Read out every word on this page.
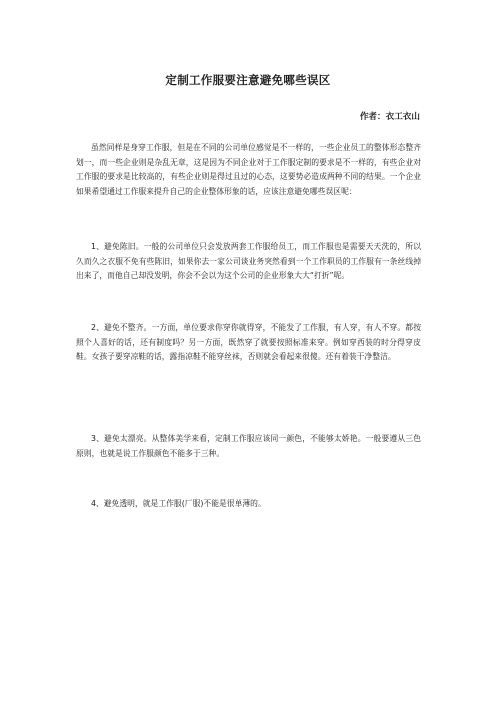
定制工作服要注意避免哪些误区
作者：衣工衣山

虽然同样是身穿工作服，但是在不同的公司单位感觉是不一样的，一些企业员工的整体形态整齐划一，而一些企业则是杂乱无章，这是因为不同企业对于工作服定制的要求是不一样的，有些企业对工作服的要求是比较高的，有些企业则是得过且过的心态，这要势必造成两种不同的结果。一个企业如果希望通过工作服来提升自己的企业整体形象的话，应该注意避免哪些误区呢：

1、避免陈旧。一般的公司单位只会发放两套工作服给员工，而工作服也是需要天天洗的，所以久而久之衣服不免有些陈旧，如果你去一家公司谈业务突然看到一个工作职员的工作服有一条丝线掉出来了，而他自己却没发明，你会不会以为这个公司的企业形象大大“打折”呢。

2、避免不整齐。一方面，单位要求你穿你就得穿，不能发了工作服，有人穿，有人不穿。都按照个人喜好的话，还有制度吗？另一方面，既然穿了就要按照标准来穿。例如穿西装的时分得穿皮鞋。女孩子要穿凉鞋的话，露指凉鞋不能穿丝袜，否则就会看起来很傻。还有着装干净整洁。

3、避免太漂亮。从整体美学来看，定制工作服应该同一颜色，不能够太娇艳。一般要遵从三色原则，也就是说工作服颜色不能多于三种。

4、避免透明，就是工作服(厂服)不能是很单薄的。
